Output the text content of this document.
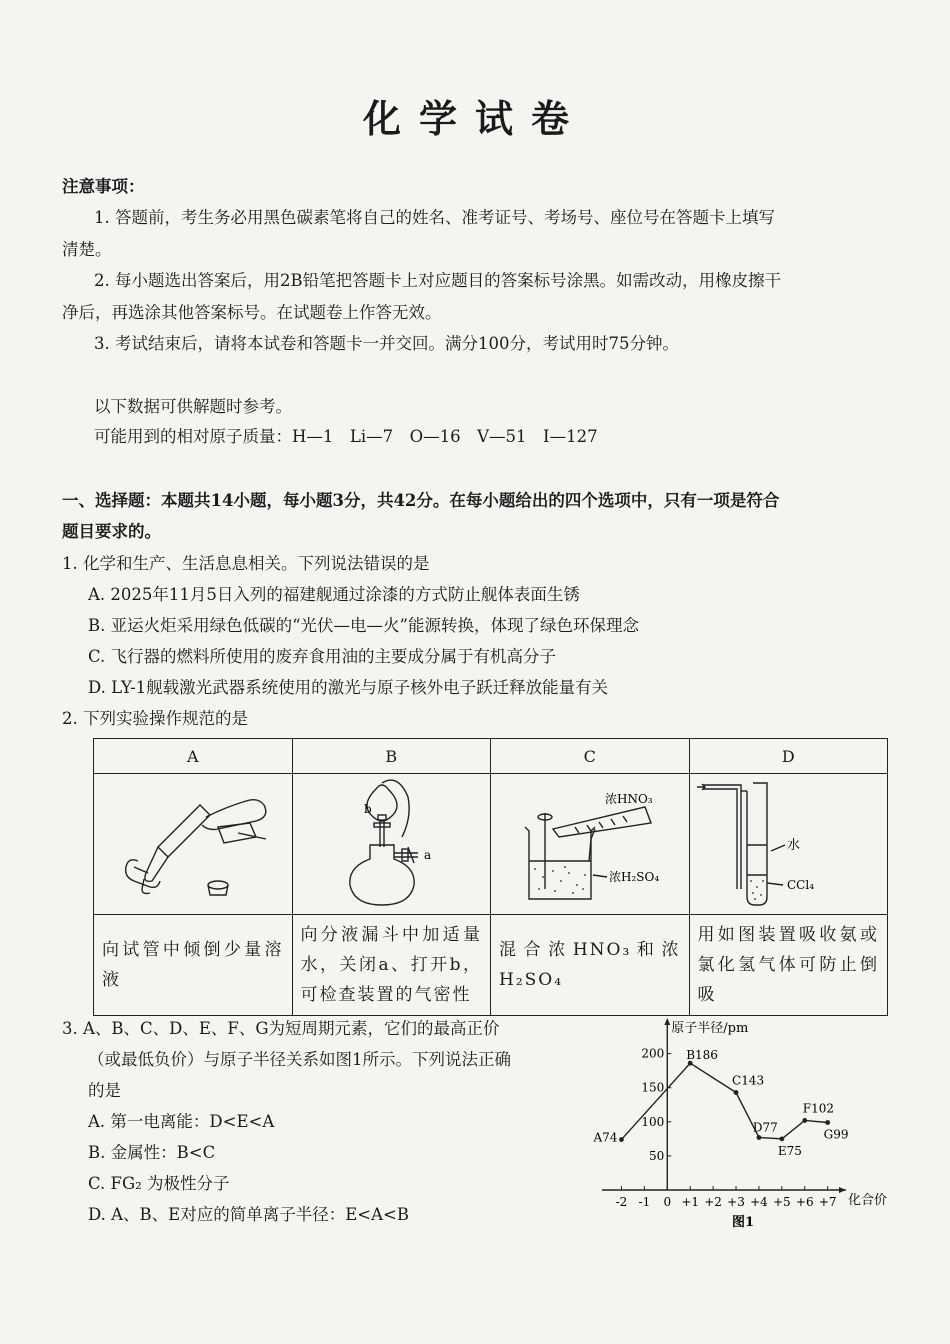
化学试卷
注意事项：
1. 答题前，考生务必用黑色碳素笔将自己的姓名、准考证号、考场号、座位号在答题卡上填写
清楚。
2. 每小题选出答案后，用2B铅笔把答题卡上对应题目的答案标号涂黑。如需改动，用橡皮擦干
净后，再选涂其他答案标号。在试题卷上作答无效。
3. 考试结束后，请将本试卷和答题卡一并交回。满分100分，考试用时75分钟。
以下数据可供解题时参考。
可能用到的相对原子质量：H—1　Li—7　O—16　V—51　I—127
一、选择题：本题共14小题，每小题3分，共42分。在每小题给出的四个选项中，只有一项是符合
题目要求的。
1. 化学和生产、生活息息相关。下列说法错误的是
A. 2025年11月5日入列的福建舰通过涂漆的方式防止舰体表面生锈
B. 亚运火炬采用绿色低碳的“光伏—电—火”能源转换，体现了绿色环保理念
C. 飞行器的燃料所使用的废弃食用油的主要成分属于有机高分子
D. LY-1舰载激光武器系统使用的激光与原子核外电子跃迁释放能量有关
2. 下列实验操作规范的是
A	B	C	D

b
a	浓HNO₃
浓H₂SO₄	水
CCl₄

向试管中倾倒少量溶液	向分液漏斗中加适量水，关闭a、打开b，可检查装置的气密性	混合浓HNO₃和浓H₂SO₄	用如图装置吸收氨或氯化氢气体可防止倒吸
3. A、B、C、D、E、F、G为短周期元素，它们的最高正价
（或最低负价）与原子半径关系如图1所示。下列说法正确
的是
A. 第一电离能：D<E<A
B. 金属性：B<C
C. FG₂ 为极性分子
D. A、B、E对应的简单离子半径：E<A<B
原子半径/pm
化合价
图1
-2 -1 0 +1 +2 +3 +4 +5 +6 +7
50
100
150
200
A74
B186
C143
D77
E75
F102
G99
